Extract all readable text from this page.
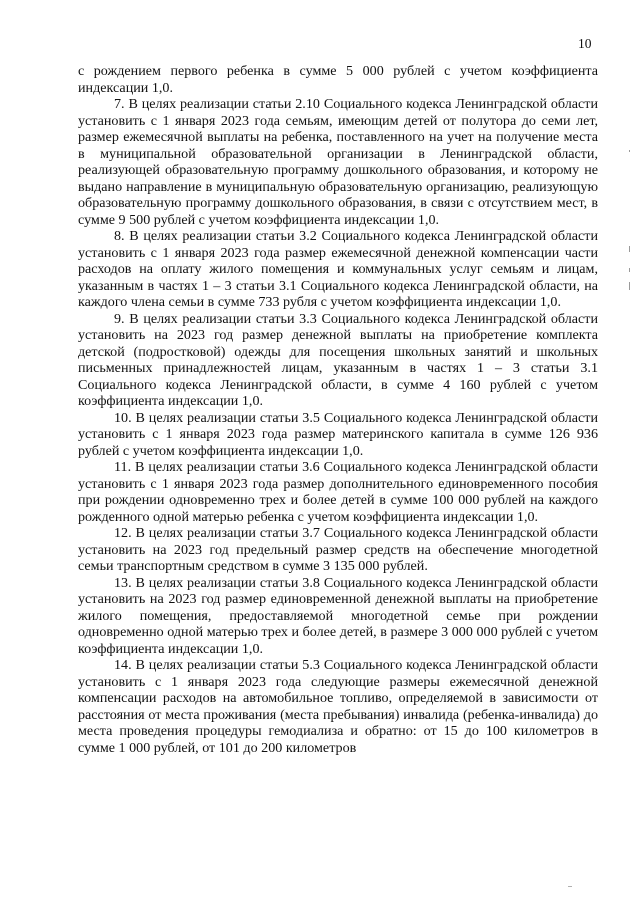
10

с рождением первого ребенка в сумме 5 000 рублей с учетом коэффициента индексации 1,0.

7. В целях реализации статьи 2.10 Социального кодекса Ленинградской области установить с 1 января 2023 года семьям, имеющим детей от полутора до семи лет, размер ежемесячной выплаты на ребенка, поставленного на учет на получение места в муниципальной образовательной организации в Ленинградской области, реализующей образовательную программу дошкольного образования, и которому не выдано направление в муниципальную образовательную организацию, реализующую образовательную программу дошкольного образования, в связи с отсутствием мест, в сумме 9 500 рублей с учетом коэффициента индексации 1,0.

8. В целях реализации статьи 3.2 Социального кодекса Ленинградской области установить с 1 января 2023 года размер ежемесячной денежной компенсации части расходов на оплату жилого помещения и коммунальных услуг семьям и лицам, указанным в частях 1 – 3 статьи 3.1 Социального кодекса Ленинградской области, на каждого члена семьи в сумме 733 рубля с учетом коэффициента индексации 1,0.

9. В целях реализации статьи 3.3 Социального кодекса Ленинградской области установить на 2023 год размер денежной выплаты на приобретение комплекта детской (подростковой) одежды для посещения школьных занятий и школьных письменных принадлежностей лицам, указанным в частях 1 – 3 статьи 3.1 Социального кодекса Ленинградской области, в сумме 4 160 рублей с учетом коэффициента индексации 1,0.

10. В целях реализации статьи 3.5 Социального кодекса Ленинградской области установить с 1 января 2023 года размер материнского капитала в сумме 126 936 рублей с учетом коэффициента индексации 1,0.

11. В целях реализации статьи 3.6 Социального кодекса Ленинградской области установить с 1 января 2023 года размер дополнительного единовременного пособия при рождении одновременно трех и более детей в сумме 100 000 рублей на каждого рожденного одной матерью ребенка с учетом коэффициента индексации 1,0.

12. В целях реализации статьи 3.7 Социального кодекса Ленинградской области установить на 2023 год предельный размер средств на обеспечение многодетной семьи транспортным средством в сумме 3 135 000 рублей.

13. В целях реализации статьи 3.8 Социального кодекса Ленинградской области установить на 2023 год размер единовременной денежной выплаты на приобретение жилого помещения, предоставляемой многодетной семье при рождении одновременно одной матерью трех и более детей, в размере 3 000 000 рублей с учетом коэффициента индексации 1,0.

14. В целях реализации статьи 5.3 Социального кодекса Ленинградской области установить с 1 января 2023 года следующие размеры ежемесячной денежной компенсации расходов на автомобильное топливо, определяемой в зависимости от расстояния от места проживания (места пребывания) инвалида (ребенка-инвалида) до места проведения процедуры гемодиализа и обратно: от 15 до 100 километров в сумме 1 000 рублей, от 101 до 200 километров
